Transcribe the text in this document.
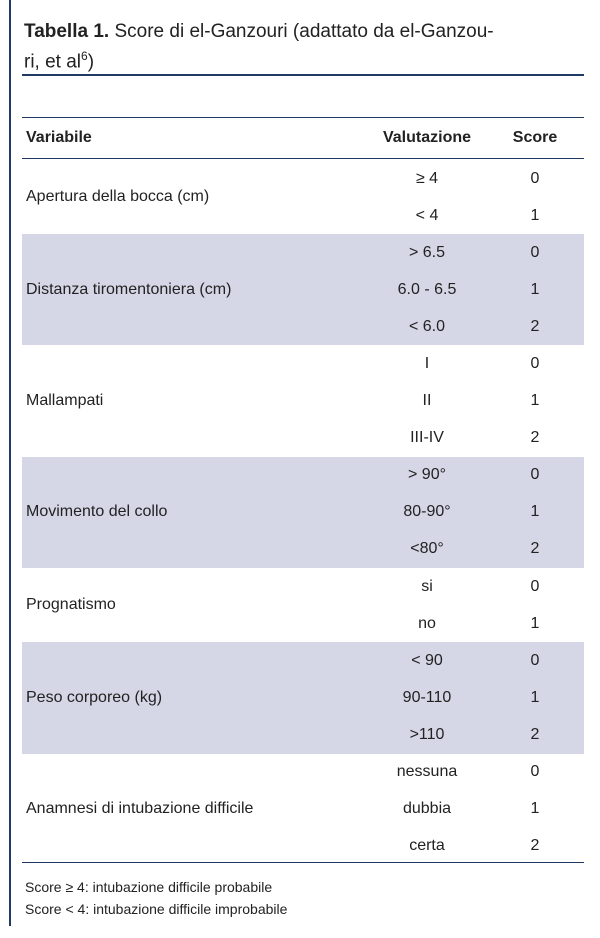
Tabella 1. Score di el-Ganzouri (adattato da el-Ganzou-
ri, et $al^6$)
Variabile	Valutazione	Score
Apertura della bocca (cm)
≥ 4	0
< 4	1
Distanza tiromentoniera (cm)
> 6.5	0
6.0 - 6.5	1
< 6.0	2
Mallampati
I	0
II	1
III-IV	2
Movimento del collo
> 90°	0
80-90°	1
<80°	2
Prognatismo
si	0
no	1
Peso corporeo (kg)
< 90	0
90-110	1
>110	2
Anamnesi di intubazione difficile
nessuna	0
dubbia	1
certa	2
Score ≥ 4: intubazione difficile probabile
Score < 4: intubazione difficile improbabile
